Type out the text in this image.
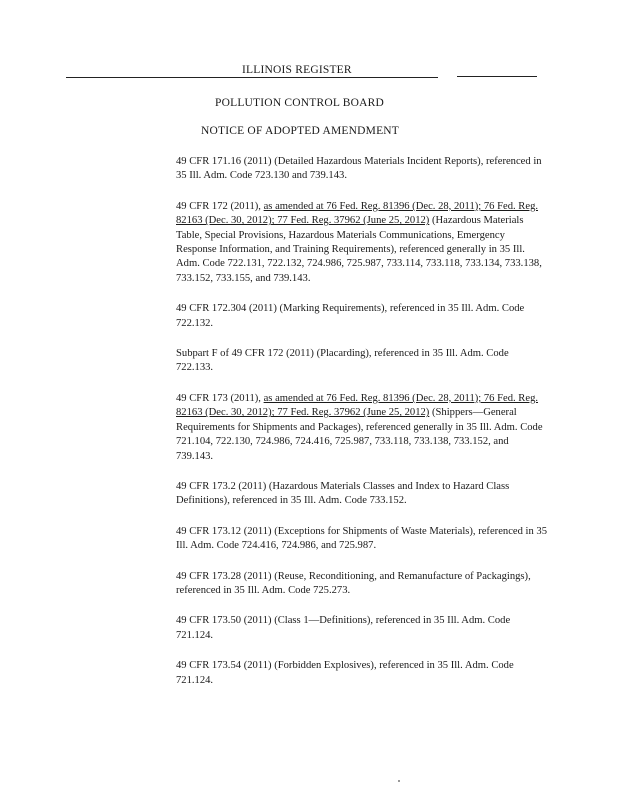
ILLINOIS REGISTER
POLLUTION CONTROL BOARD
NOTICE OF ADOPTED AMENDMENT

49 CFR 171.16 (2011) (Detailed Hazardous Materials Incident Reports), referenced in 35 Ill. Adm. Code 723.130 and 739.143.

49 CFR 172 (2011), as amended at 76 Fed. Reg. 81396 (Dec. 28, 2011); 76 Fed. Reg. 82163 (Dec. 30, 2012); 77 Fed. Reg. 37962 (June 25, 2012) (Hazardous Materials Table, Special Provisions, Hazardous Materials Communications, Emergency Response Information, and Training Requirements), referenced generally in 35 Ill. Adm. Code 722.131, 722.132, 724.986, 725.987, 733.114, 733.118, 733.134, 733.138, 733.152, 733.155, and 739.143.

49 CFR 172.304 (2011) (Marking Requirements), referenced in 35 Ill. Adm. Code 722.132.

Subpart F of 49 CFR 172 (2011) (Placarding), referenced in 35 Ill. Adm. Code 722.133.

49 CFR 173 (2011), as amended at 76 Fed. Reg. 81396 (Dec. 28, 2011); 76 Fed. Reg. 82163 (Dec. 30, 2012); 77 Fed. Reg. 37962 (June 25, 2012) (Shippers—General Requirements for Shipments and Packages), referenced generally in 35 Ill. Adm. Code 721.104, 722.130, 724.986, 724.416, 725.987, 733.118, 733.138, 733.152, and 739.143.

49 CFR 173.2 (2011) (Hazardous Materials Classes and Index to Hazard Class Definitions), referenced in 35 Ill. Adm. Code 733.152.

49 CFR 173.12 (2011) (Exceptions for Shipments of Waste Materials), referenced in 35 Ill. Adm. Code 724.416, 724.986, and 725.987.

49 CFR 173.28 (2011) (Reuse, Reconditioning, and Remanufacture of Packagings), referenced in 35 Ill. Adm. Code 725.273.

49 CFR 173.50 (2011) (Class 1—Definitions), referenced in 35 Ill. Adm. Code 721.124.

49 CFR 173.54 (2011) (Forbidden Explosives), referenced in 35 Ill. Adm. Code 721.124.
